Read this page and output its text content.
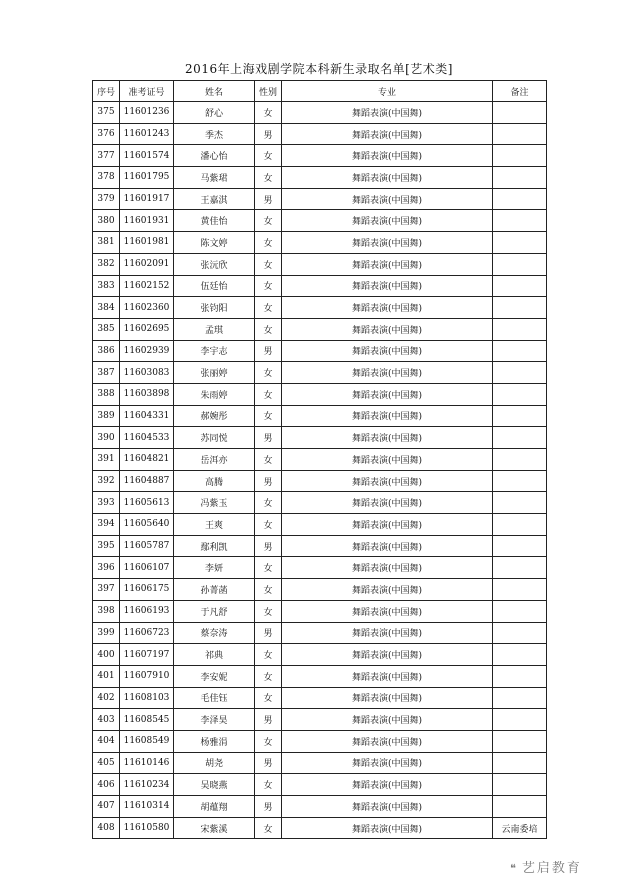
2016年上海戏剧学院本科新生录取名单[艺术类]
序号	准考证号	姓名	性别	专业	备注
375	11601236	舒心	女	舞蹈表演(中国舞)	
376	11601243	季杰	男	舞蹈表演(中国舞)	
377	11601574	潘心怡	女	舞蹈表演(中国舞)	
378	11601795	马紫珺	女	舞蹈表演(中国舞)	
379	11601917	王嘉淇	男	舞蹈表演(中国舞)	
380	11601931	黄佳怡	女	舞蹈表演(中国舞)	
381	11601981	陈文婷	女	舞蹈表演(中国舞)	
382	11602091	张沅欣	女	舞蹈表演(中国舞)	
383	11602152	伍廷怡	女	舞蹈表演(中国舞)	
384	11602360	张钧阳	女	舞蹈表演(中国舞)	
385	11602695	孟琪	女	舞蹈表演(中国舞)	
386	11602939	李宇志	男	舞蹈表演(中国舞)	
387	11603083	张丽婷	女	舞蹈表演(中国舞)	
388	11603898	朱雨婷	女	舞蹈表演(中国舞)	
389	11604331	郝婉彤	女	舞蹈表演(中国舞)	
390	11604533	苏同悦	男	舞蹈表演(中国舞)	
391	11604821	岳洱亦	女	舞蹈表演(中国舞)	
392	11604887	高腾	男	舞蹈表演(中国舞)	
393	11605613	冯紫玉	女	舞蹈表演(中国舞)	
394	11605640	王爽	女	舞蹈表演(中国舞)	
395	11605787	鄢利凯	男	舞蹈表演(中国舞)	
396	11606107	李妍	女	舞蹈表演(中国舞)	
397	11606175	孙菁菡	女	舞蹈表演(中国舞)	
398	11606193	于凡舒	女	舞蹈表演(中国舞)	
399	11606723	蔡奈涛	男	舞蹈表演(中国舞)	
400	11607197	祁典	女	舞蹈表演(中国舞)	
401	11607910	李安妮	女	舞蹈表演(中国舞)	
402	11608103	毛佳钰	女	舞蹈表演(中国舞)	
403	11608545	李泽昊	男	舞蹈表演(中国舞)	
404	11608549	杨雅涓	女	舞蹈表演(中国舞)	
405	11610146	胡尧	男	舞蹈表演(中国舞)	
406	11610234	吴晓燕	女	舞蹈表演(中国舞)	
407	11610314	胡蕴翔	男	舞蹈表演(中国舞)	
408	11610580	宋紫溪	女	舞蹈表演(中国舞)	云南委培
❝ 艺启教育
